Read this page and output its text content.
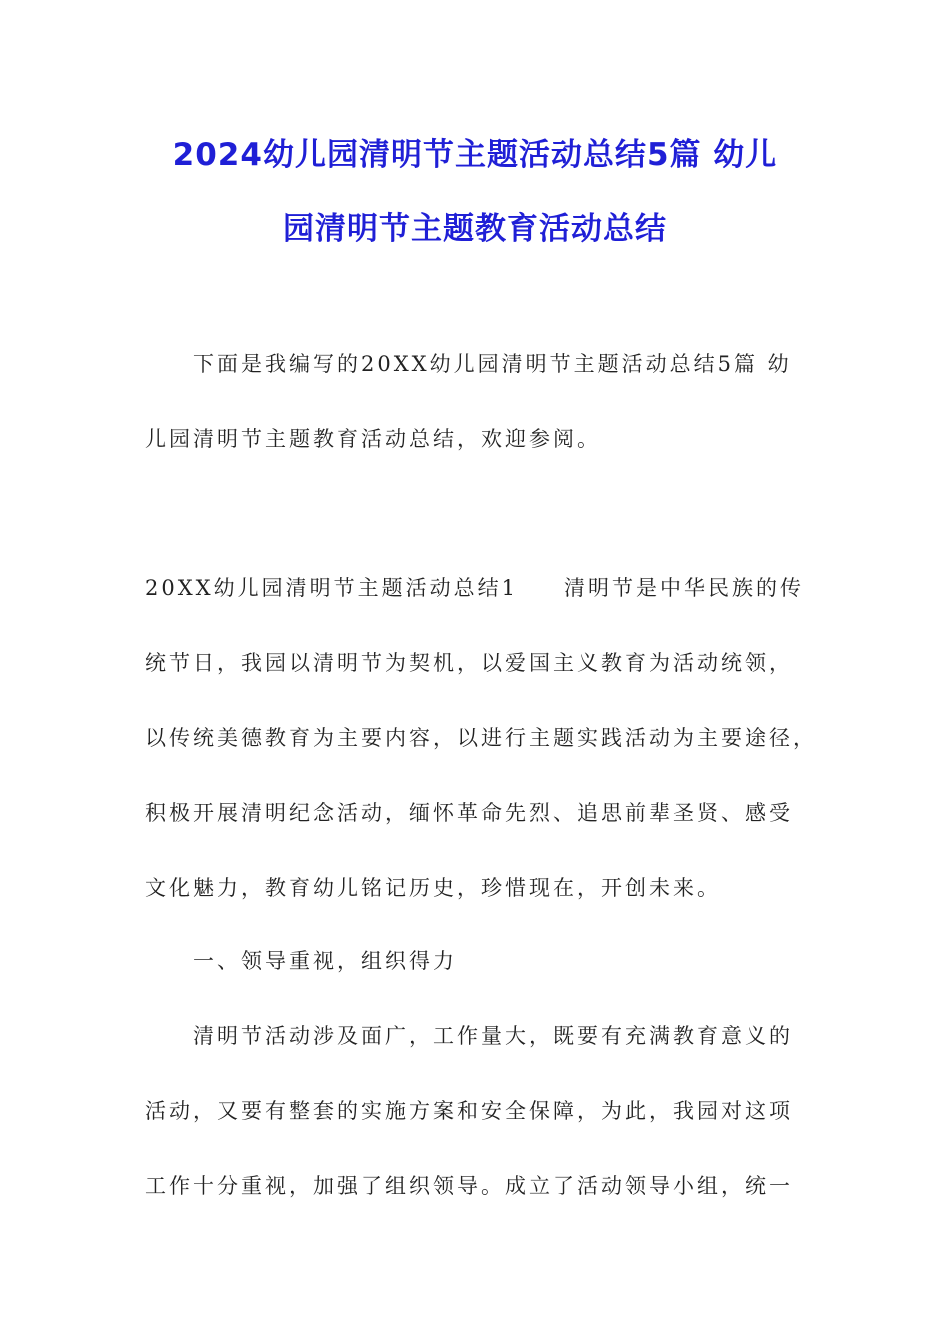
2024幼儿园清明节主题活动总结5篇 幼儿
园清明节主题教育活动总结
下面是我编写的20XX幼儿园清明节主题活动总结5篇 幼
儿园清明节主题教育活动总结，欢迎参阅。
20XX幼儿园清明节主题活动总结1 清明节是中华民族的传
统节日，我园以清明节为契机，以爱国主义教育为活动统领，
以传统美德教育为主要内容，以进行主题实践活动为主要途径，
积极开展清明纪念活动，缅怀革命先烈、追思前辈圣贤、感受
文化魅力，教育幼儿铭记历史，珍惜现在，开创未来。
一、领导重视，组织得力
清明节活动涉及面广，工作量大，既要有充满教育意义的
活动，又要有整套的实施方案和安全保障，为此，我园对这项
工作十分重视，加强了组织领导。成立了活动领导小组，统一
